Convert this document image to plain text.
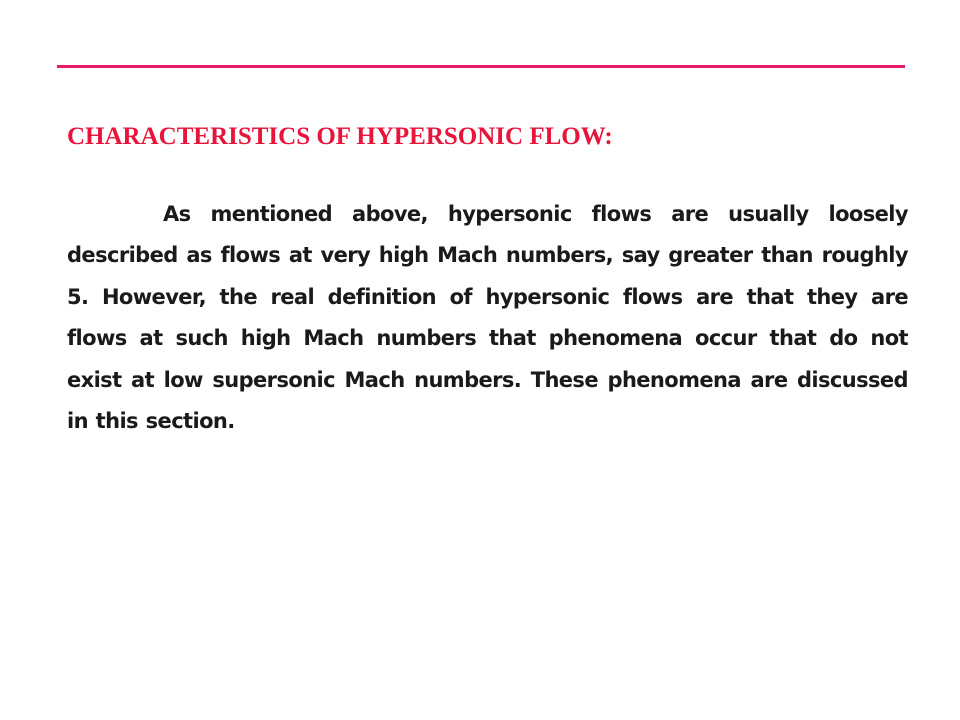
CHARACTERISTICS OF HYPERSONIC FLOW:

As mentioned above, hypersonic flows are usually loosely described as flows at very high Mach numbers, say greater than roughly 5. However, the real definition of hypersonic flows are that they are flows at such high Mach numbers that phenomena occur that do not exist at low supersonic Mach numbers. These phenomena are discussed in this section.
